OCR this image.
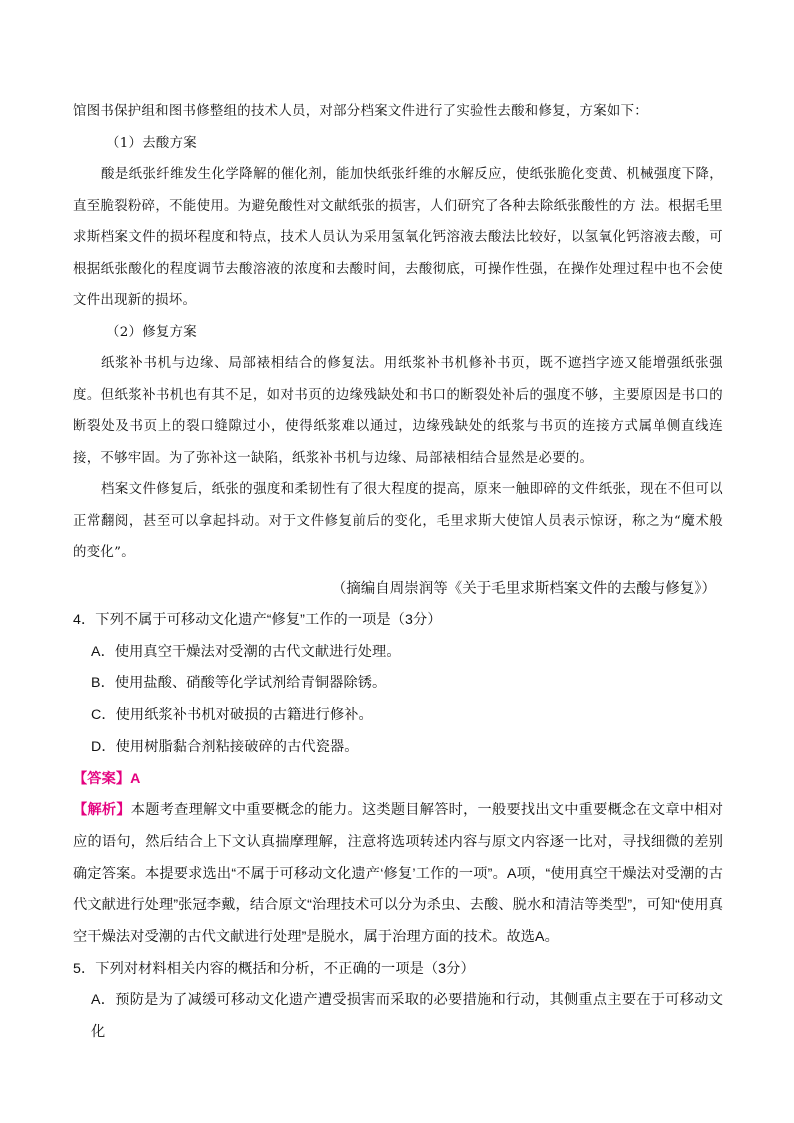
馆图书保护组和图书修整组的技术人员，对部分档案文件进行了实验性去酸和修复，方案如下：

（1）去酸方案

酸是纸张纤维发生化学降解的催化剂，能加快纸张纤维的水解反应，使纸张脆化变黄、机械强度下降，直至脆裂粉碎，不能使用。为避免酸性对文献纸张的损害，人们研究了各种去除纸张酸性的方 法。根据毛里求斯档案文件的损坏程度和特点，技术人员认为采用氢氧化钙溶液去酸法比较好，以氢氧化钙溶液去酸，可根据纸张酸化的程度调节去酸溶液的浓度和去酸时间，去酸彻底，可操作性强，在操作处理过程中也不会使文件出现新的损坏。

（2）修复方案

纸浆补书机与边缘、局部裱相结合的修复法。用纸浆补书机修补书页，既不遮挡字迹又能增强纸张强度。但纸浆补书机也有其不足，如对书页的边缘残缺处和书口的断裂处补后的强度不够，主要原因是书口的断裂处及书页上的裂口缝隙过小，使得纸浆难以通过，边缘残缺处的纸浆与书页的连接方式属单侧直线连接，不够牢固。为了弥补这一缺陷，纸浆补书机与边缘、局部裱相结合显然是必要的。

档案文件修复后，纸张的强度和柔韧性有了很大程度的提高，原来一触即碎的文件纸张，现在不但可以正常翻阅，甚至可以拿起抖动。对于文件修复前后的变化，毛里求斯大使馆人员表示惊讶，称之为“魔术般的变化”。

（摘编自周崇润等《关于毛里求斯档案文件的去酸与修复》）

4．下列不属于可移动文化遗产“修复”工作的一项是（3分）

A．使用真空干燥法对受潮的古代文献进行处理。

B．使用盐酸、硝酸等化学试剂给青铜器除锈。

C．使用纸浆补书机对破损的古籍进行修补。

D．使用树脂黏合剂粘接破碎的古代瓷器。

【答案】A

【解析】本题考查理解文中重要概念的能力。这类题目解答时，一般要找出文中重要概念在文章中相对应的语句，然后结合上下文认真揣摩理解，注意将选项转述内容与原文内容逐一比对，寻找细微的差别确定答案。本提要求选出“不属于可移动文化遗产‘修复’工作的一项”。A项，“使用真空干燥法对受潮的古代文献进行处理”张冠李戴，结合原文“治理技术可以分为杀虫、去酸、脱水和清洁等类型”，可知“使用真空干燥法对受潮的古代文献进行处理”是脱水，属于治理方面的技术。故选A。

5．下列对材料相关内容的概括和分析，不正确的一项是（3分）

A．预防是为了减缓可移动文化遗产遭受损害而采取的必要措施和行动，其侧重点主要在于可移动文化
